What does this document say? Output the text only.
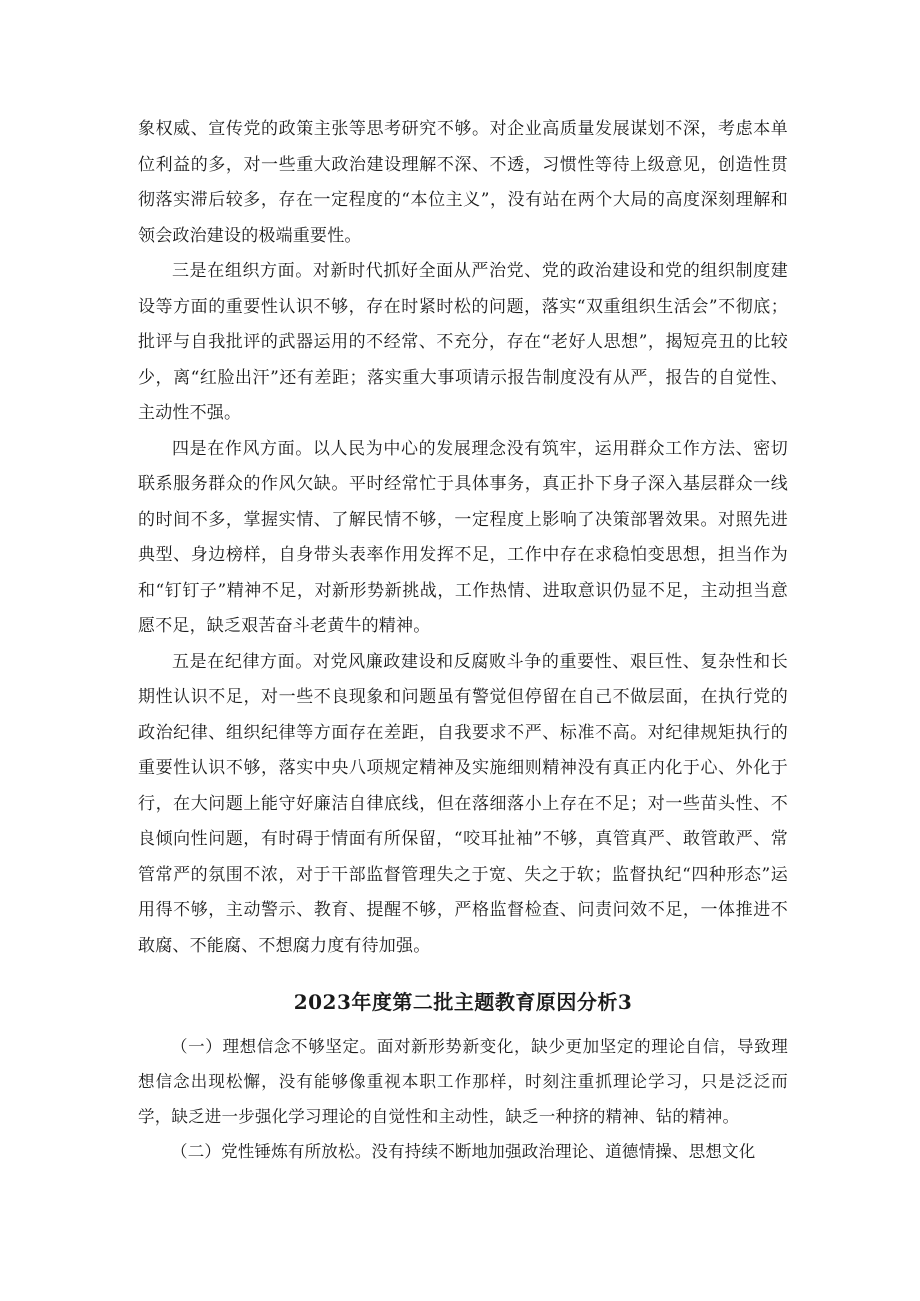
象权威、宣传党的政策主张等思考研究不够。对企业高质量发展谋划不深，考虑本单位利益的多，对一些重大政治建设理解不深、不透，习惯性等待上级意见，创造性贯彻落实滞后较多，存在一定程度的“本位主义”，没有站在两个大局的高度深刻理解和领会政治建设的极端重要性。

三是在组织方面。对新时代抓好全面从严治党、党的政治建设和党的组织制度建设等方面的重要性认识不够，存在时紧时松的问题，落实“双重组织生活会”不彻底；批评与自我批评的武器运用的不经常、不充分，存在“老好人思想”，揭短亮丑的比较少，离“红脸出汗”还有差距；落实重大事项请示报告制度没有从严，报告的自觉性、主动性不强。

四是在作风方面。以人民为中心的发展理念没有筑牢，运用群众工作方法、密切联系服务群众的作风欠缺。平时经常忙于具体事务，真正扑下身子深入基层群众一线的时间不多，掌握实情、了解民情不够，一定程度上影响了决策部署效果。对照先进典型、身边榜样，自身带头表率作用发挥不足，工作中存在求稳怕变思想，担当作为和“钉钉子”精神不足，对新形势新挑战，工作热情、进取意识仍显不足，主动担当意愿不足，缺乏艰苦奋斗老黄牛的精神。

五是在纪律方面。对党风廉政建设和反腐败斗争的重要性、艰巨性、复杂性和长期性认识不足，对一些不良现象和问题虽有警觉但停留在自己不做层面，在执行党的政治纪律、组织纪律等方面存在差距，自我要求不严、标准不高。对纪律规矩执行的重要性认识不够，落实中央八项规定精神及实施细则精神没有真正内化于心、外化于行，在大问题上能守好廉洁自律底线，但在落细落小上存在不足；对一些苗头性、不良倾向性问题，有时碍于情面有所保留，“咬耳扯袖”不够，真管真严、敢管敢严、常管常严的氛围不浓，对于干部监督管理失之于宽、失之于软；监督执纪“四种形态”运用得不够，主动警示、教育、提醒不够，严格监督检查、问责问效不足，一体推进不敢腐、不能腐、不想腐力度有待加强。

2023年度第二批主题教育原因分析3

（一）理想信念不够坚定。面对新形势新变化，缺少更加坚定的理论自信，导致理想信念出现松懈，没有能够像重视本职工作那样，时刻注重抓理论学习，只是泛泛而学，缺乏进一步强化学习理论的自觉性和主动性，缺乏一种挤的精神、钻的精神。

（二）党性锤炼有所放松。没有持续不断地加强政治理论、道德情操、思想文化
